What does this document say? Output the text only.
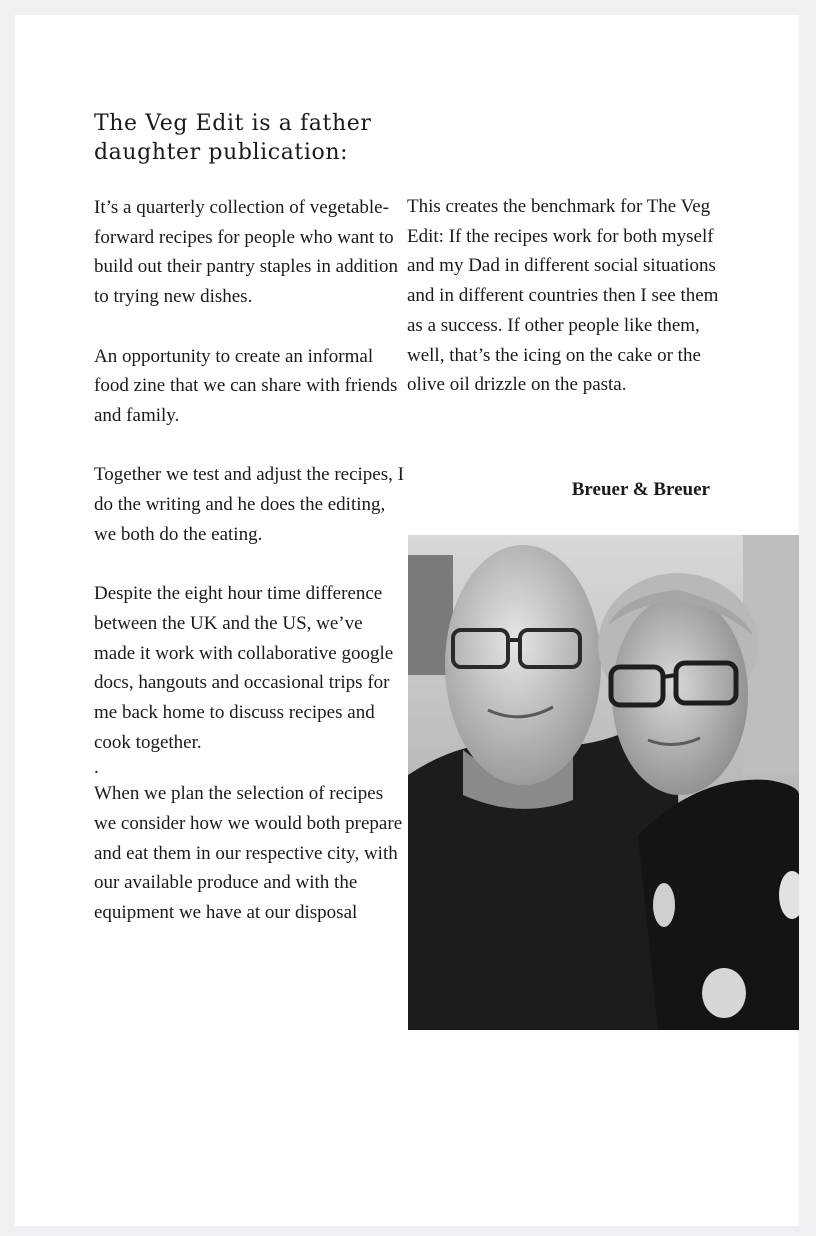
The Veg Edit is a father daughter publication:

It’s a quarterly collection of vegetable-forward recipes for people who want to build out their pantry staples in addition to trying new dishes.

An opportunity to create an informal food zine that we can share with friends and family.

Together we test and adjust the recipes, I do the writing and he does the editing, we both do the eating.

Despite the eight hour time difference between the UK and the US, we’ve made it work with collaborative google docs, hangouts and occasional trips for me back home to discuss recipes and cook together.

.

When we plan the selection of recipes we consider how we would both prepare and eat them in our respective city, with our available produce and with the equipment we have at our disposal

This creates the benchmark for The Veg Edit: If the recipes work for both myself and my Dad in different social situations and in different countries then I see them as a success. If other people like them, well, that’s the icing on the cake or the olive oil drizzle on the pasta.

Breuer & Breuer
